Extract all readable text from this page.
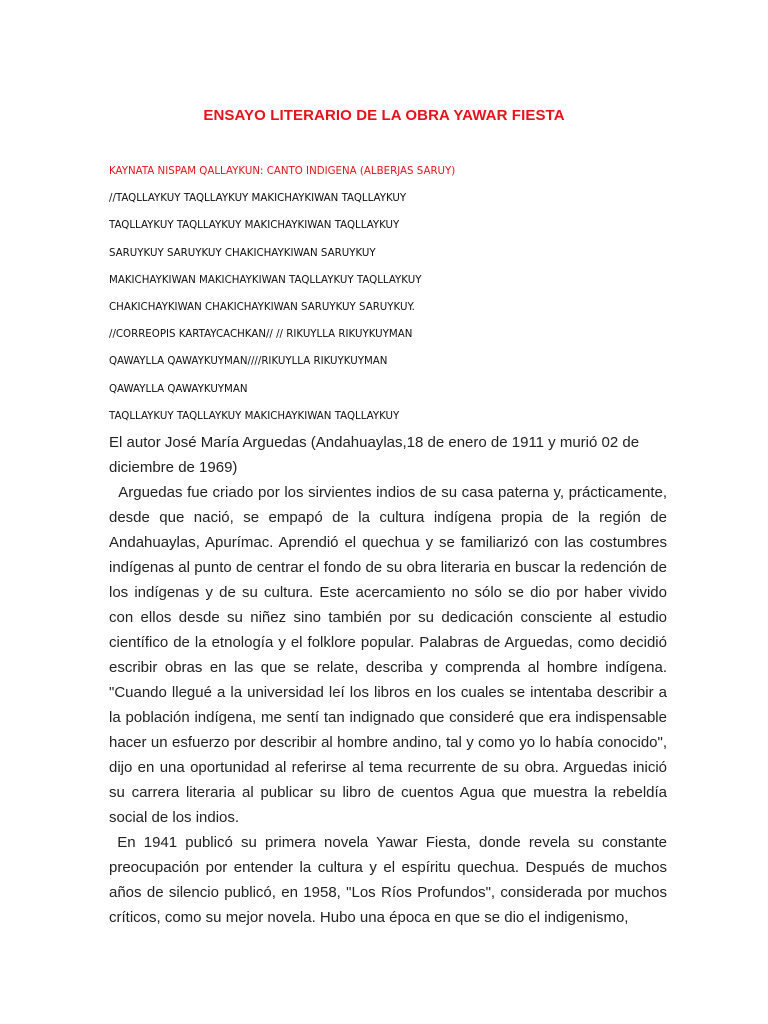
ENSAYO LITERARIO DE LA OBRA YAWAR FIESTA
KAYNATA NISPAM QALLAYKUN: CANTO INDIGENA (ALBERJAS SARUY)
//TAQLLAYKUY TAQLLAYKUY MAKICHAYKIWAN TAQLLAYKUY
TAQLLAYKUY TAQLLAYKUY MAKICHAYKIWAN TAQLLAYKUY
SARUYKUY SARUYKUY CHAKICHAYKIWAN SARUYKUY
MAKICHAYKIWAN MAKICHAYKIWAN TAQLLAYKUY TAQLLAYKUY
CHAKICHAYKIWAN CHAKICHAYKIWAN SARUYKUY SARUYKUY.
//CORREOPIS KARTAYCACHKAN// // RIKUYLLA RIKUYKUYMAN
QAWAYLLA QAWAYKUYMAN////RIKUYLLA RIKUYKUYMAN
QAWAYLLA QAWAYKUYMAN
TAQLLAYKUY TAQLLAYKUY MAKICHAYKIWAN TAQLLAYKUY

El autor José María Arguedas (Andahuaylas,18 de enero de 1911 y murió 02 de diciembre de 1969)

Arguedas fue criado por los sirvientes indios de su casa paterna y, prácticamente, desde que nació, se empapó de la cultura indígena propia de la región de Andahuaylas, Apurímac. Aprendió el quechua y se familiarizó con las costumbres indígenas al punto de centrar el fondo de su obra literaria en buscar la redención de los indígenas y de su cultura. Este acercamiento no sólo se dio por haber vivido con ellos desde su niñez sino también por su dedicación consciente al estudio científico de la etnología y el folklore popular. Palabras de Arguedas, como decidió escribir obras en las que se relate, describa y comprenda al hombre indígena. "Cuando llegué a la universidad leí los libros en los cuales se intentaba describir a la población indígena, me sentí tan indignado que consideré que era indispensable hacer un esfuerzo por describir al hombre andino, tal y como yo lo había conocido", dijo en una oportunidad al referirse al tema recurrente de su obra. Arguedas inició su carrera literaria al publicar su libro de cuentos Agua que muestra la rebeldía social de los indios.

En 1941 publicó su primera novela Yawar Fiesta, donde revela su constante preocupación por entender la cultura y el espíritu quechua. Después de muchos años de silencio publicó, en 1958, "Los Ríos Profundos", considerada por muchos críticos, como su mejor novela. Hubo una época en que se dio el indigenismo,
